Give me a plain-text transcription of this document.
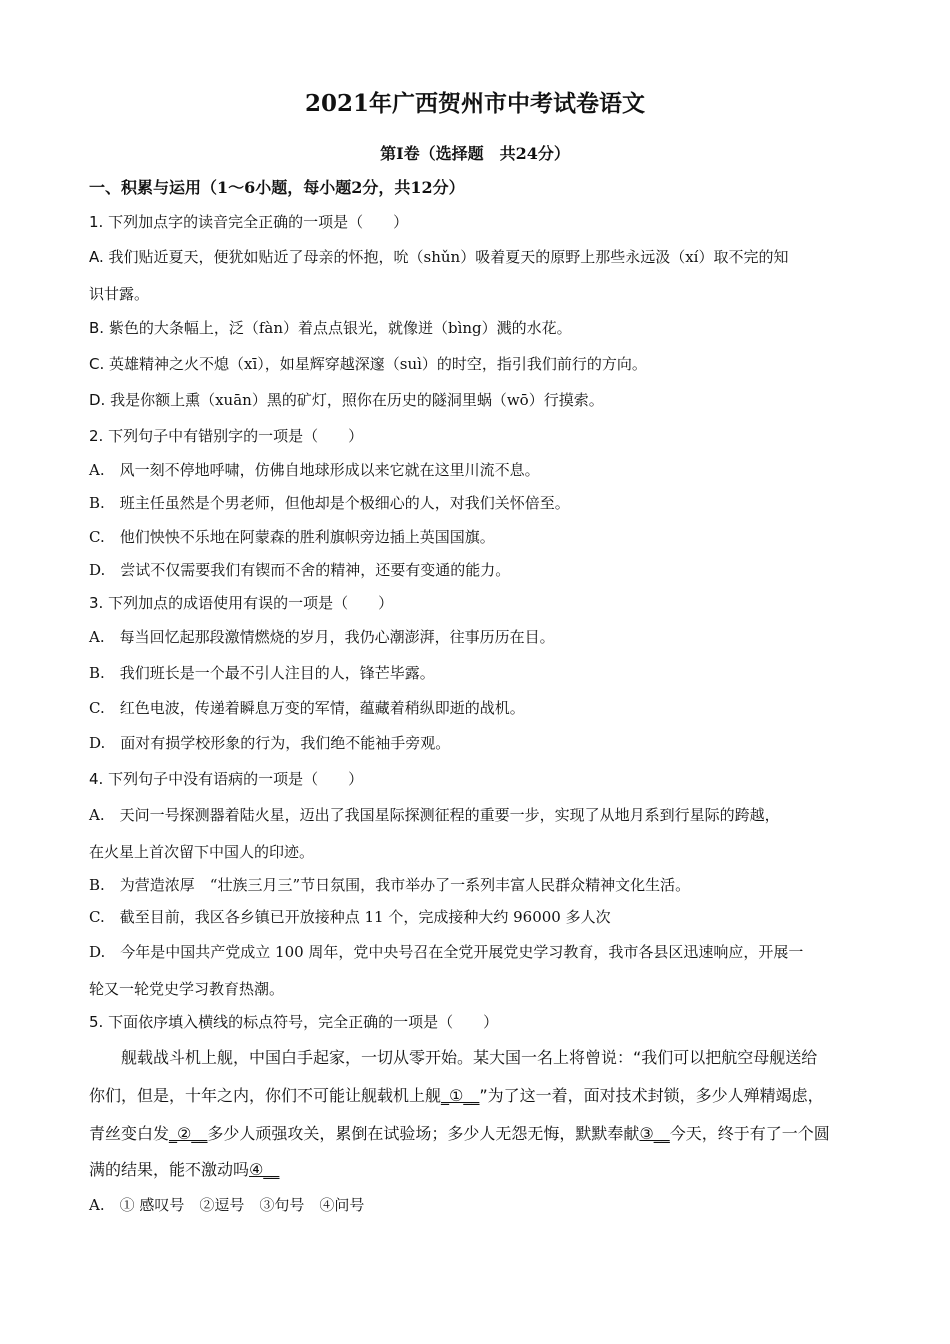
2021年广西贺州市中考试卷语文
第Ⅰ卷（选择题　共24分）
一、积累与运用（1～6小题，每小题2分，共12分）
1. 下列加点字的读音完全正确的一项是（　　）
A. 我们贴近夏天，便犹如贴近了母亲的怀抱，吮（shǔn）吸着夏天的原野上那些永远汲（xí）取不完的知
识甘露。
B. 紫色的大条幅上，泛（fàn）着点点银光，就像迸（bìng）溅的水花。
C. 英雄精神之火不熄（xī），如星辉穿越深邃（suì）的时空，指引我们前行的方向。
D. 我是你额上熏（xuān）黑的矿灯，照你在历史的隧洞里蜗（wō）行摸索。
2. 下列句子中有错别字的一项是（　　）
A.　风一刻不停地呼啸，仿佛自地球形成以来它就在这里川流不息。
B.　班主任虽然是个男老师，但他却是个极细心的人，对我们关怀倍至。
C.　他们怏怏不乐地在阿蒙森的胜利旗帜旁边插上英国国旗。
D.　尝试不仅需要我们有锲而不舍的精神，还要有变通的能力。
3. 下列加点的成语使用有误的一项是（　　）
A.　每当回忆起那段激情燃烧的岁月，我仍心潮澎湃，往事历历在目。
B.　我们班长是一个最不引人注目的人，锋芒毕露。
C.　红色电波，传递着瞬息万变的军情，蕴藏着稍纵即逝的战机。
D.　面对有损学校形象的行为，我们绝不能袖手旁观。
4. 下列句子中没有语病的一项是（　　）
A.　天问一号探测器着陆火星，迈出了我国星际探测征程的重要一步，实现了从地月系到行星际的跨越，
在火星上首次留下中国人的印迹。
B.　为营造浓厚　“壮族三月三”节日氛围，我市举办了一系列丰富人民群众精神文化生活。
C.　截至目前，我区各乡镇已开放接种点 11 个，完成接种大约 96000 多人次
D.　今年是中国共产党成立 100 周年，党中央号召在全党开展党史学习教育，我市各县区迅速响应，开展一
轮又一轮党史学习教育热潮。
5. 下面依序填入横线的标点符号，完全正确的一项是（　　）
　　舰载战斗机上舰，中国白手起家，一切从零开始。某大国一名上将曾说：“我们可以把航空母舰送给
你们，但是，十年之内，你们不可能让舰载机上舰_①__”为了这一着，面对技术封锁，多少人殚精竭虑，
青丝变白发_②__多少人顽强攻关，累倒在试验场；多少人无怨无悔，默默奉献③__今天，终于有了一个圆
满的结果，能不激动吗④__
A.　① 感叹号　②逗号　③句号　④问号
